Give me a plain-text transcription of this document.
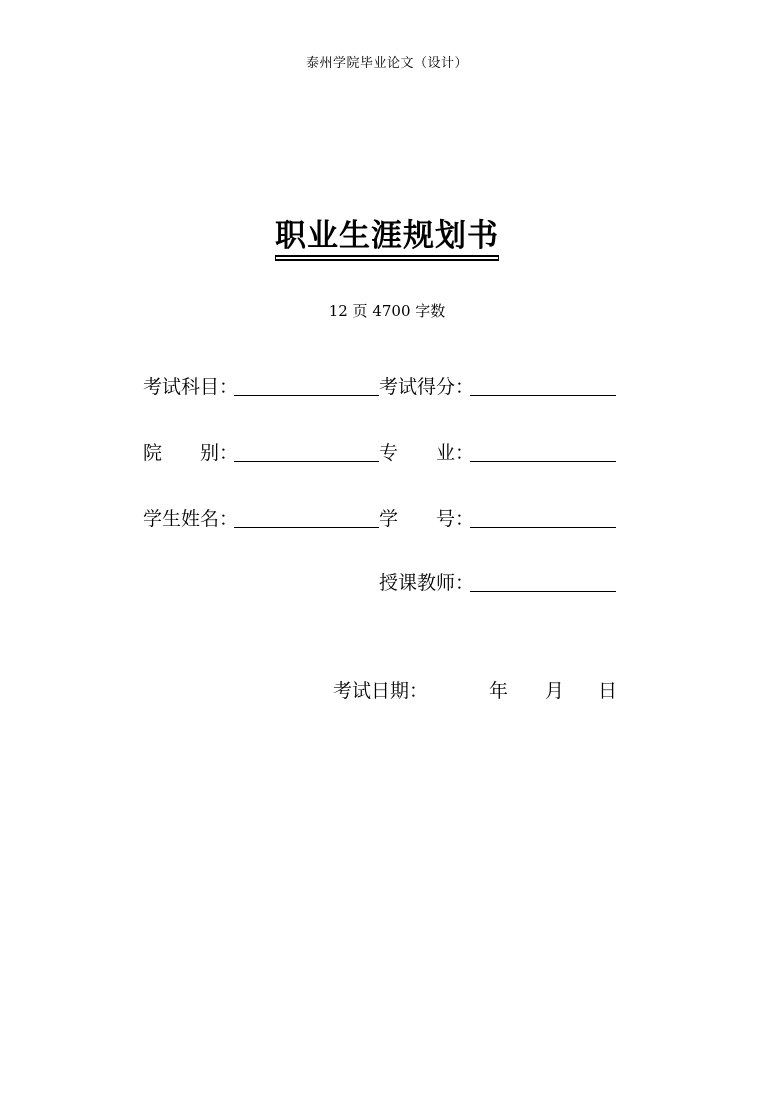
泰州学院毕业论文（设计）
职业生涯规划书
12 页 4700 字数
考试科目：	考试得分：
院　　别：	专　　业：
学生姓名：	学　　号：
授课教师：
考试日期：	年 月 日
